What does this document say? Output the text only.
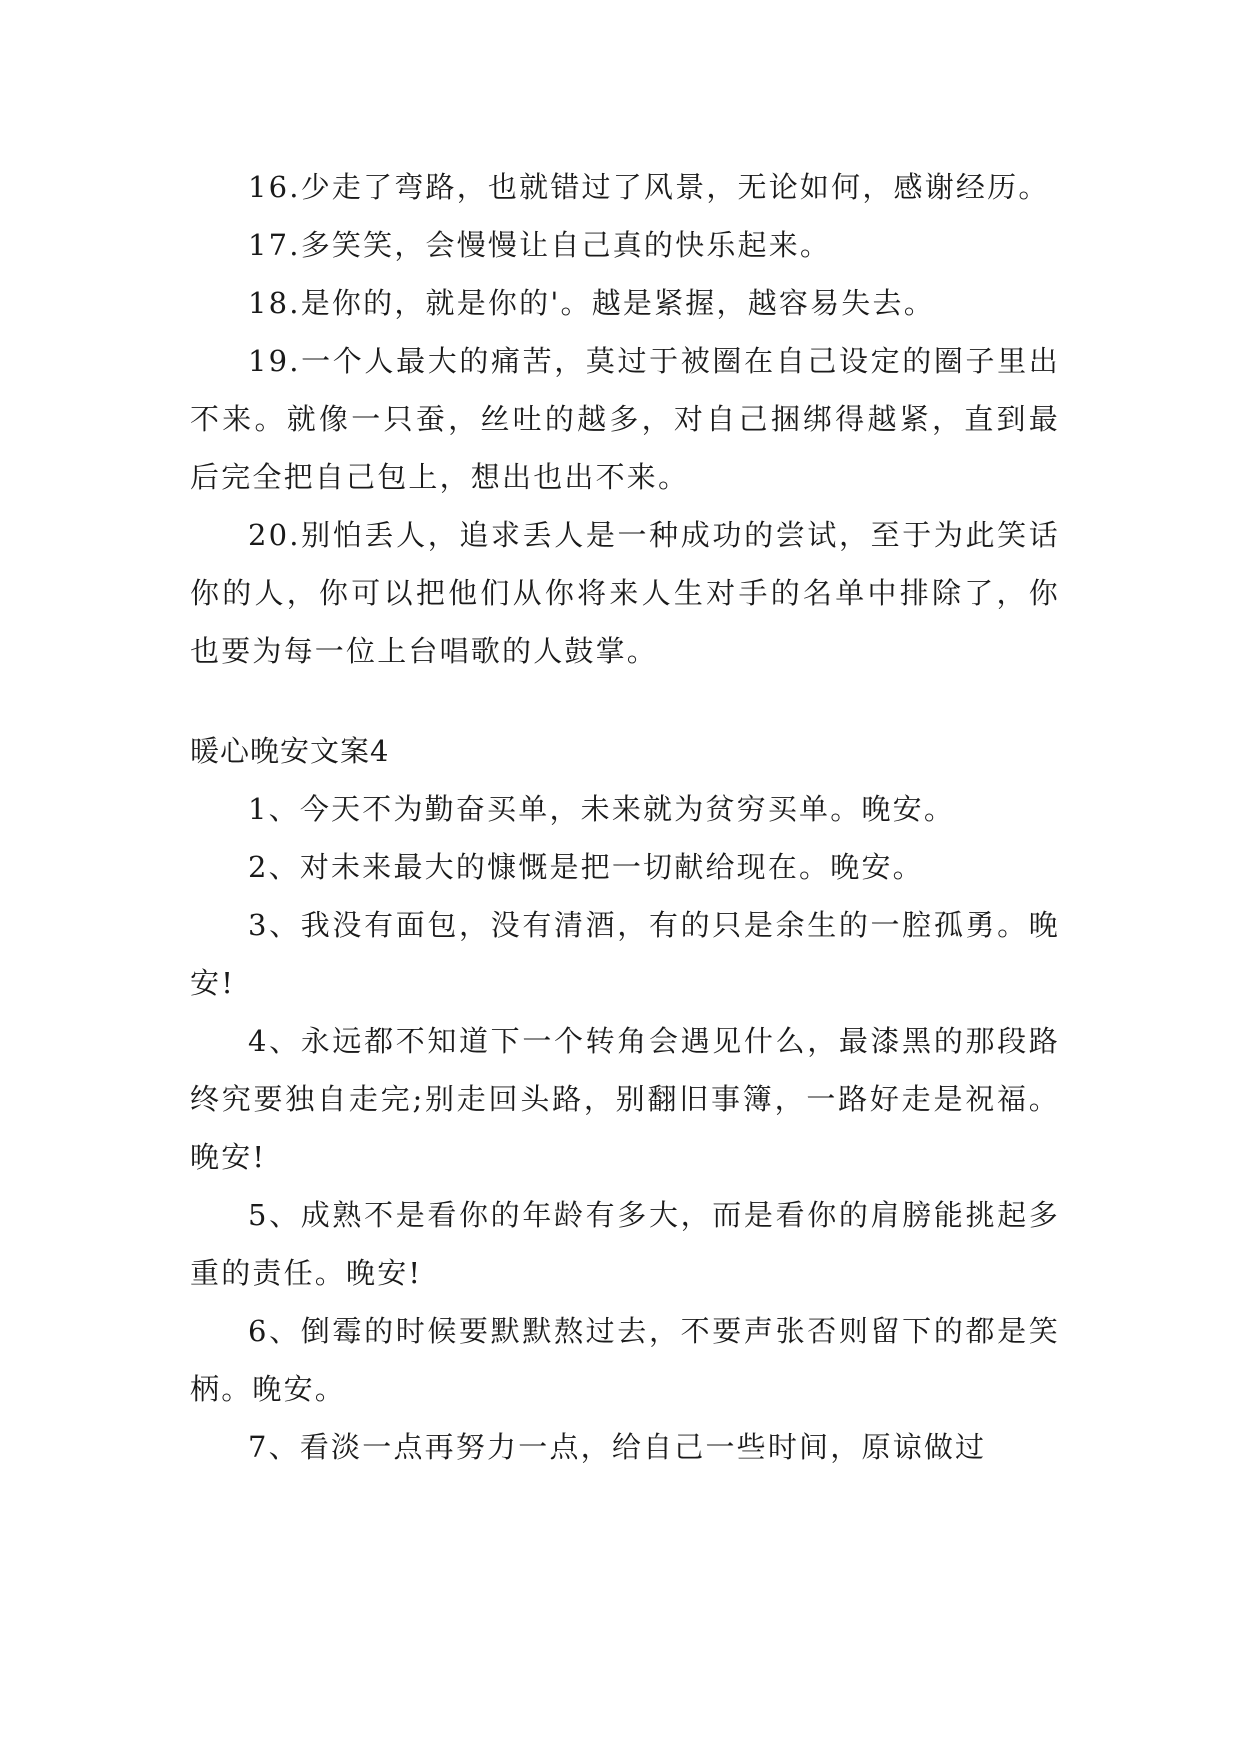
16.少走了弯路，也就错过了风景，无论如何，感谢经历。

17.多笑笑，会慢慢让自己真的快乐起来。

18.是你的，就是你的'。越是紧握，越容易失去。

19.一个人最大的痛苦，莫过于被圈在自己设定的圈子里出不来。就像一只蚕，丝吐的越多，对自己捆绑得越紧，直到最后完全把自己包上，想出也出不来。

20.别怕丢人，追求丢人是一种成功的尝试，至于为此笑话你的人，你可以把他们从你将来人生对手的名单中排除了，你也要为每一位上台唱歌的人鼓掌。

暖心晚安文案4

1、今天不为勤奋买单，未来就为贫穷买单。晚安。

2、对未来最大的慷慨是把一切献给现在。晚安。

3、我没有面包，没有清酒，有的只是余生的一腔孤勇。晚安!

4、永远都不知道下一个转角会遇见什么，最漆黑的那段路终究要独自走完;别走回头路，别翻旧事簿，一路好走是祝福。晚安!

5、成熟不是看你的年龄有多大，而是看你的肩膀能挑起多重的责任。晚安!

6、倒霉的时候要默默熬过去，不要声张否则留下的都是笑柄。晚安。

7、看淡一点再努力一点，给自己一些时间，原谅做过
